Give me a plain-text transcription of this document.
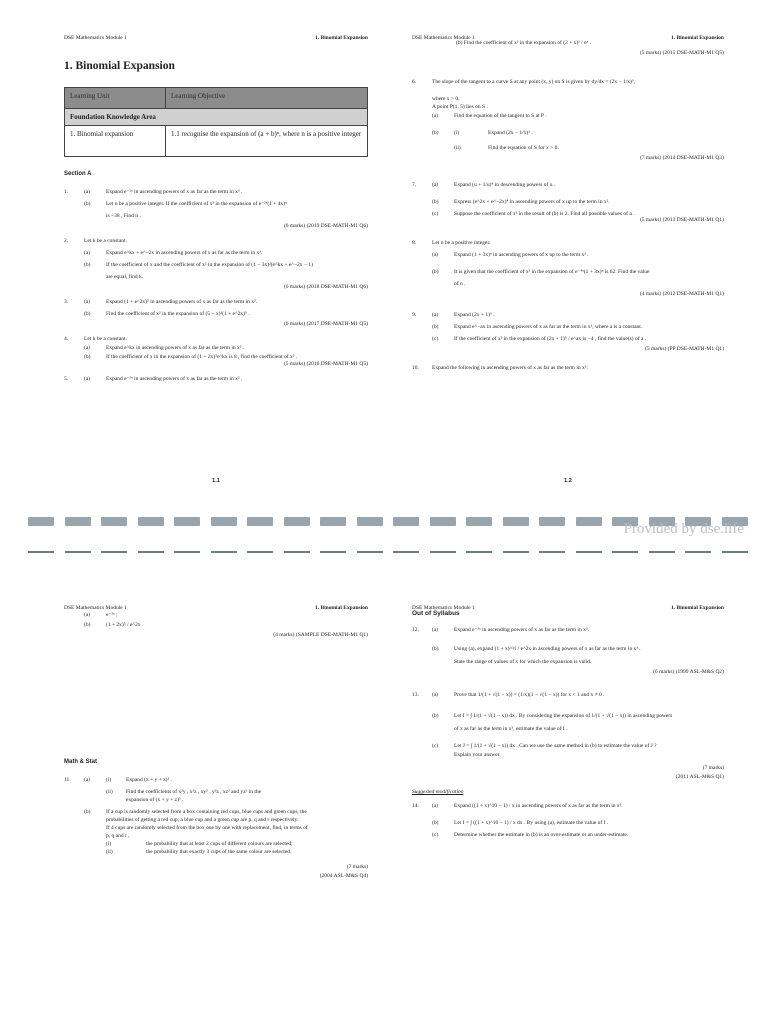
DSE Mathematics Module 1	1. Binomial Expansion
1. Binomial Expansion
Learning Unit	Learning Objective
Foundation Knowledge Area	
1. Binomial expansion	1.1 recognise the expansion of (a + b)ⁿ, where n is a positive integer
Section A
1.	(a)	Expand e⁻²ˣ in ascending powers of x as far as the term in x³ .
(b)	Let n be a positive integer. If the coefficient of x² in the expansion of e⁻²ˣ(1 + 4x)ⁿ
is −38 , Find n .
(6 marks) (2019 DSE-MATH-M1 Q6)
2.	Let k be a constant.
(a)	Expand e^kx + e^−2x in ascending powers of x as far as the term in x².
(b)	If the coefficient of x and the coefficient of x² in the expansion of (1 − 3x)²(e^kx + e^−2x − 1)
are equal, find k.
(6 marks) (2018 DSE-MATH-M1 Q6)
3.	(a)	Expand (1 + e^2x)⁵ in ascending powers of x as far as the term in x².
(b)	Find the coefficient of x² in the expansion of (5 − x)²(1 + e^2x)⁵ .
(6 marks) (2017 DSE-MATH-M1 Q5)
4.	Let k be a constant.
(a)	Expand e^kx in ascending powers of x as far as the term in x² .
(b)	If the coefficient of x in the expansion of (1 + 2x)⁵e^kx is 8 , find the coefficient of x² .
(5 marks) (2016 DSE-MATH-M1 Q5)
5.	(a)	Expand e⁻²ˣ in ascending powers of x as far as the term in x² .
1.1
DSE Mathematics Module 1	1. Binomial Expansion
(b) Find the coefficient of x² in the expansion of (2 + x)² / eˣ .
(5 marks) (2015 DSE-MATH-M1 Q5)
6.	The slope of the tangent to a curve S at any point (x, y) on S is given by dy/dx = (2x − 1/x)³,
where x > 0.
A point P(1, 5) lies on S .
(a)	Find the equation of the tangent to S at P .
(b)	(i)	Expand (2x − 1/x)³ .
(ii)	Find the equation of S for x > 0.
(7 marks) (2014 DSE-MATH-M1 Q3)
7.	(a)	Expand (u + 1/u)⁴ in descending powers of u .
(b)	Express (e^2x + e^−2x)⁴ in ascending powers of x up to the term in x².
(c)	Suppose the coefficient of x² in the result of (b) is 2. Find all possible values of a .
(5 marks) (2013 DSE-MATH-M1 Q1)
8.	Let n be a positive integer.
(a)	Expand (1 + 3x)ⁿ in ascending powers of x up to the term x² .
(b)	It is given that the coefficient of x² in the expansion of e⁻⁴ˣ(1 + 3x)ⁿ is 62. Find the value
of n .
(4 marks) (2012 DSE-MATH-M1 Q1)
9.	(a)	Expand (2x + 1)⁵ .
(b)	Expand e^−ax in ascending powers of x as far as the term in x², where a is a constant.
(c)	If the coefficient of x² in the expansion of (2x + 1)⁵ / e^ax is −4 , find the value(s) of a .
(5 marks) (PP DSE-MATH-M1 Q1)
10. Expand the following in ascending powers of x as far as the term in x²:
1.2
Provided by dse.life
DSE Mathematics Module 1	1. Binomial Expansion
(a)	e⁻²ˣ ;
(b)	(1 + 2x)⁵ / e^2x .
(4 marks) (SAMPLE DSE-MATH-M1 Q1)
Math & Stat
11. (a)	(i)	Expand (x + y + z)² .
(ii)	Find the coefficients of x²y , x²z , xy² , y²z , xz² and yz² in the
expansion of (x + y + z)³ .
(b)	If a cup is randomly selected from a box containing red cups, blue cups and green cups, the
probabilities of getting a red cup, a blue cup and a green cup are p, q and r respectively.
If 4 cups are randomly selected from the box one by one with replacement, find, in terms of
p, q and r ,
(i)	the probability that at least 2 cups of different colours are selected;
(ii)	the probability that exactly 3 cups of the same colour are selected.
(7 marks)
(2004 ASL-M&S Q4)
DSE Mathematics Module 1	1. Binomial Expansion
Out of Syllabus
12. (a)	Expand e⁻²ˣ in ascending powers of x as far as the term in x³.
(b)	Using (a), expand (1 + x)^½ / e^2x in ascending powers of x as far as the term in x³ .
State the range of values of x for which the expansion is valid.
(6 marks) (1999 ASL-M&S Q2)
13. (a)	Prove that 1/(1 + √(1 − x)) = (1/x)(1 − √(1 − x)) for x < 1 and x ≠ 0 .
(b)	Let I = ∫ 1/(1 + √(1 − x)) dx . By considering the expansion of 1/(1 + √(1 − x)) in ascending powers
of x as far as the term in x³, estimate the value of I .
(c)	Let J = ∫ 1/(1 + √(1 − x)) dx . Can we use the same method in (b) to estimate the value of J ?
Explain your answer.
(7 marks)
(2011 ASL-M&S Q1)
Suggested modification
14. (a)	Expand ((1 + x)^10 − 1) / x in ascending powers of x as far as the term in x².
(b)	Let I = ∫ ((1 + x)^10 − 1) / x dx . By using (a), estimate the value of I .
(c)	Determine whether the estimate in (b) is an over-estimate or an under-estimate.
